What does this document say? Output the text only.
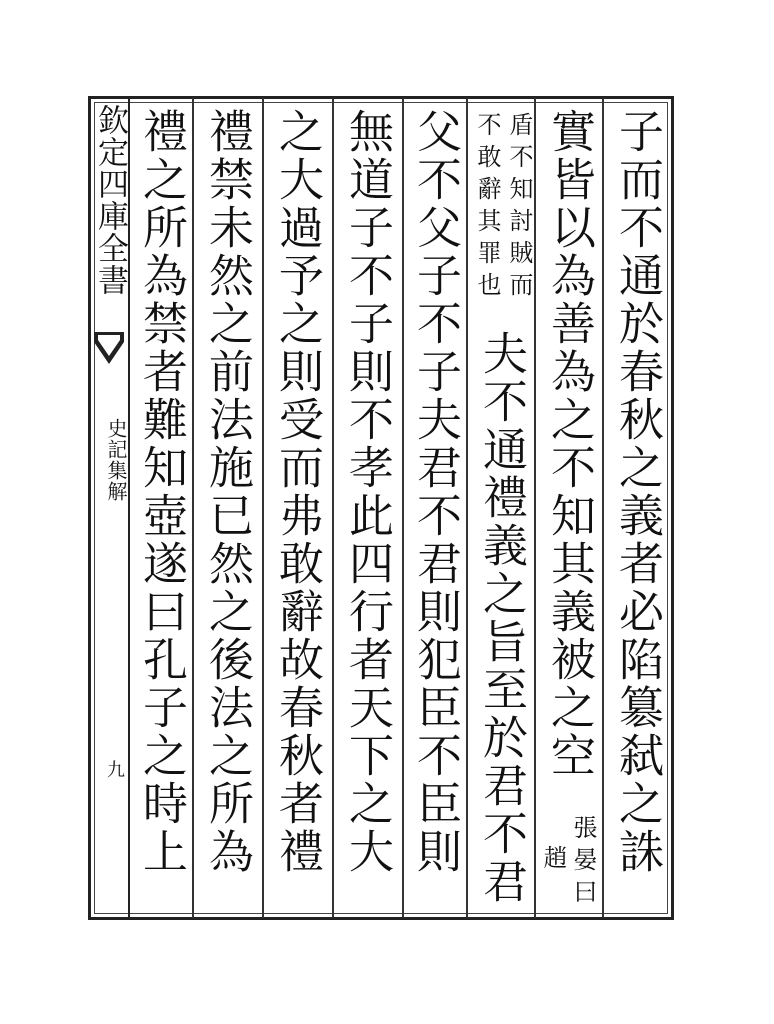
欽定四庫全書
史記集解
九
子而不通於春秋之義者必陷簒弑之誅
實皆以為善為之不知其義被之空
張晏曰
趙
盾不知討賊而
不敢辭其罪也
夫不通禮義之旨至於君不君
父不父子不子夫君不君則犯臣不臣則
無道子不子則不孝此四行者天下之大
之大過予之則受而弗敢辭故春秋者禮
禮禁未然之前法施已然之後法之所為
禮之所為禁者難知壺遂曰孔子之時上
